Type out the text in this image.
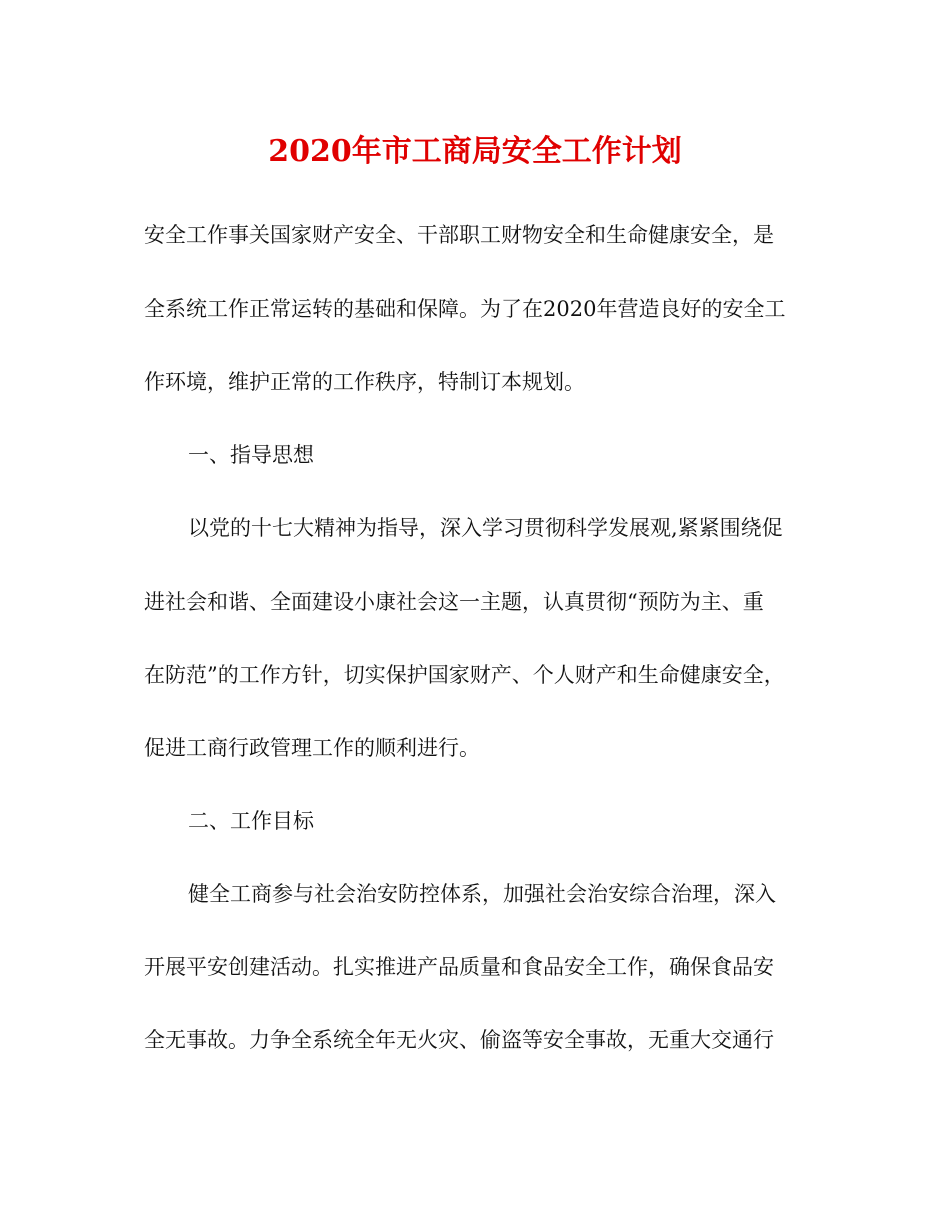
2020年市工商局安全工作计划
安全工作事关国家财产安全、干部职工财物安全和生命健康安全，是
全系统工作正常运转的基础和保障。为了在2020年营造良好的安全工
作环境，维护正常的工作秩序，特制订本规划。
一、指导思想
以党的十七大精神为指导，深入学习贯彻科学发展观,紧紧围绕促
进社会和谐、全面建设小康社会这一主题，认真贯彻“预防为主、重
在防范”的工作方针，切实保护国家财产、个人财产和生命健康安全，
促进工商行政管理工作的顺利进行。
二、工作目标
健全工商参与社会治安防控体系，加强社会治安综合治理，深入
开展平安创建活动。扎实推进产品质量和食品安全工作，确保食品安
全无事故。力争全系统全年无火灾、偷盗等安全事故，无重大交通行
